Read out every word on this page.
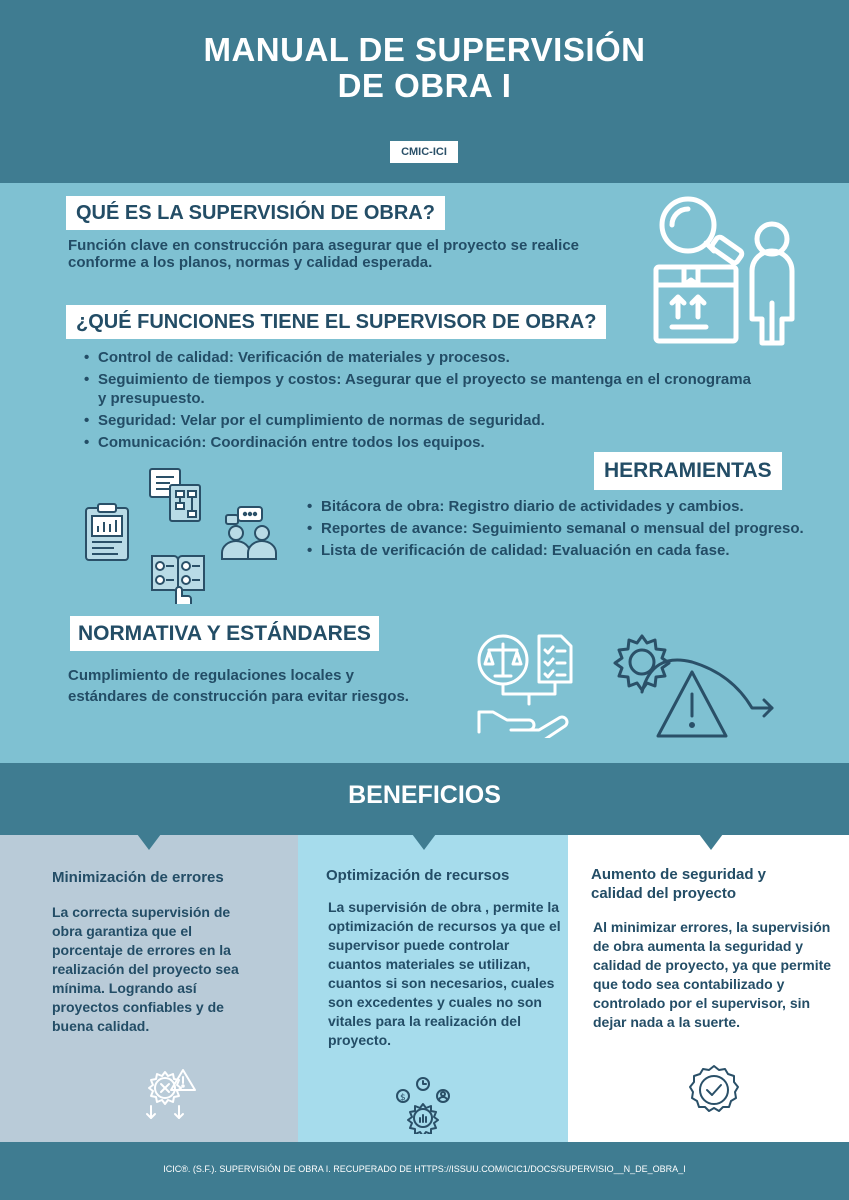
MANUAL DE SUPERVISIÓN
DE OBRA I
CMIC-ICI
QUÉ ES LA SUPERVISIÓN DE OBRA?
Función clave en construcción para asegurar que el proyecto se realice conforme a los planos, normas y calidad esperada.
¿QUÉ FUNCIONES TIENE EL SUPERVISOR DE OBRA?
• Control de calidad: Verificación de materiales y procesos.
• Seguimiento de tiempos y costos: Asegurar que el proyecto se mantenga en el cronograma y presupuesto.
• Seguridad: Velar por el cumplimiento de normas de seguridad.
• Comunicación: Coordinación entre todos los equipos.
HERRAMIENTAS
• Bitácora de obra: Registro diario de actividades y cambios.
• Reportes de avance: Seguimiento semanal o mensual del progreso.
• Lista de verificación de calidad: Evaluación en cada fase.
NORMATIVA Y ESTÁNDARES
Cumplimiento de regulaciones locales y estándares de construcción para evitar riesgos.
BENEFICIOS
Minimización de errores
La correcta supervisión de obra garantiza que el porcentaje de errores en la realización del proyecto sea mínima. Logrando así proyectos confiables y de buena calidad.
Optimización de recursos
La supervisión de obra , permite la optimización de recursos ya que el supervisor puede controlar cuantos materiales se utilizan, cuantos si son necesarios, cuales son excedentes y cuales no son vitales para la realización del proyecto.
Aumento de seguridad y calidad del proyecto
Al minimizar errores, la supervisión de obra aumenta la seguridad y calidad de proyecto, ya que permite que todo sea contabilizado y controlado por el supervisor, sin dejar nada a la suerte.
$
ICIC®. (S.F.). SUPERVISIÓN DE OBRA I. RECUPERADO DE HTTPS://ISSUU.COM/ICIC1/DOCS/SUPERVISIO__N_DE_OBRA_I
